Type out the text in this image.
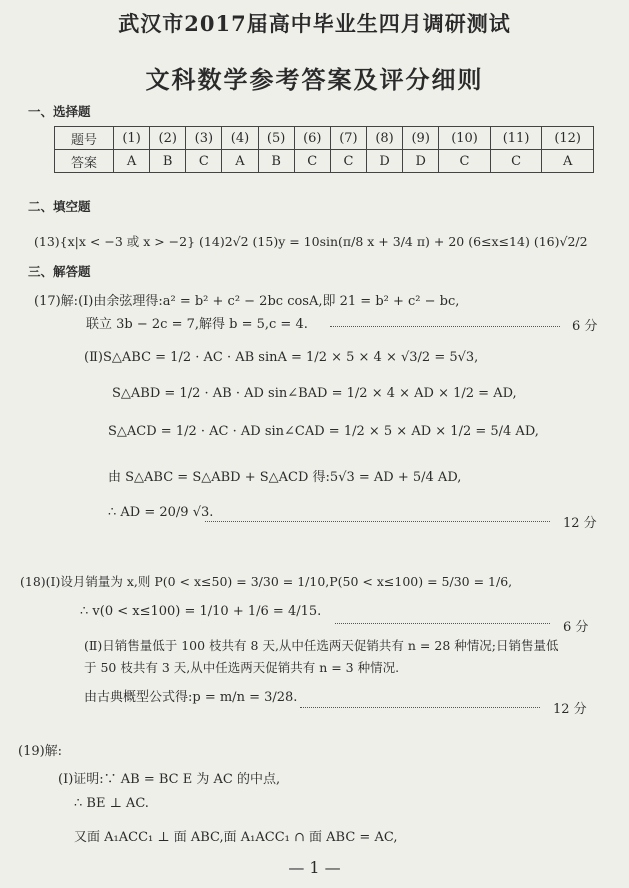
武汉市2017届高中毕业生四月调研测试
文科数学参考答案及评分细则
一、选择题
题号	(1)	(2)	(3)	(4)	(5)	(6)	(7)	(8)	(9)	(10)	(11)	(12)
答案	A	B	C	A	B	C	C	D	D	C	C	A
二、填空题
(13){x|x < −3 或 x > −2} (14)2√2 (15)y = 10sin(π/8 x + 3/4 π) + 20 (6≤x≤14) (16)√2/2
三、解答题
(17)解:(Ⅰ)由余弦理得:a² = b² + c² − 2bc cosA,即 21 = b² + c² − bc,
联立 3b − 2c = 7,解得 b = 5,c = 4.	6 分
(Ⅱ)S△ABC = 1/2 · AC · AB sinA = 1/2 × 5 × 4 × √3/2 = 5√3,
S△ABD = 1/2 · AB · AD sin∠BAD = 1/2 × 4 × AD × 1/2 = AD,
S△ACD = 1/2 · AC · AD sin∠CAD = 1/2 × 5 × AD × 1/2 = 5/4 AD,
由 S△ABC = S△ABD + S△ACD 得:5√3 = AD + 5/4 AD,
∴ AD = 20/9 √3.
12 分
(18)(Ⅰ)设月销量为 x,则 P(0 < x≤50) = 3/30 = 1/10,P(50 < x≤100) = 5/30 = 1/6,
∴ v(0 < x≤100) = 1/10 + 1/6 = 4/15.
6 分
(Ⅱ)日销售量低于 100 枝共有 8 天,从中任选两天促销共有 n = 28 种情况;日销售量低
于 50 枝共有 3 天,从中任选两天促销共有 n = 3 种情况.
由古典概型公式得:p = m/n = 3/28.
12 分
(19)解:
(Ⅰ)证明:∵ AB = BC E 为 AC 的中点,
∴ BE ⊥ AC.
又面 A₁ACC₁ ⊥ 面 ABC,面 A₁ACC₁ ∩ 面 ABC = AC,
— 1 —
